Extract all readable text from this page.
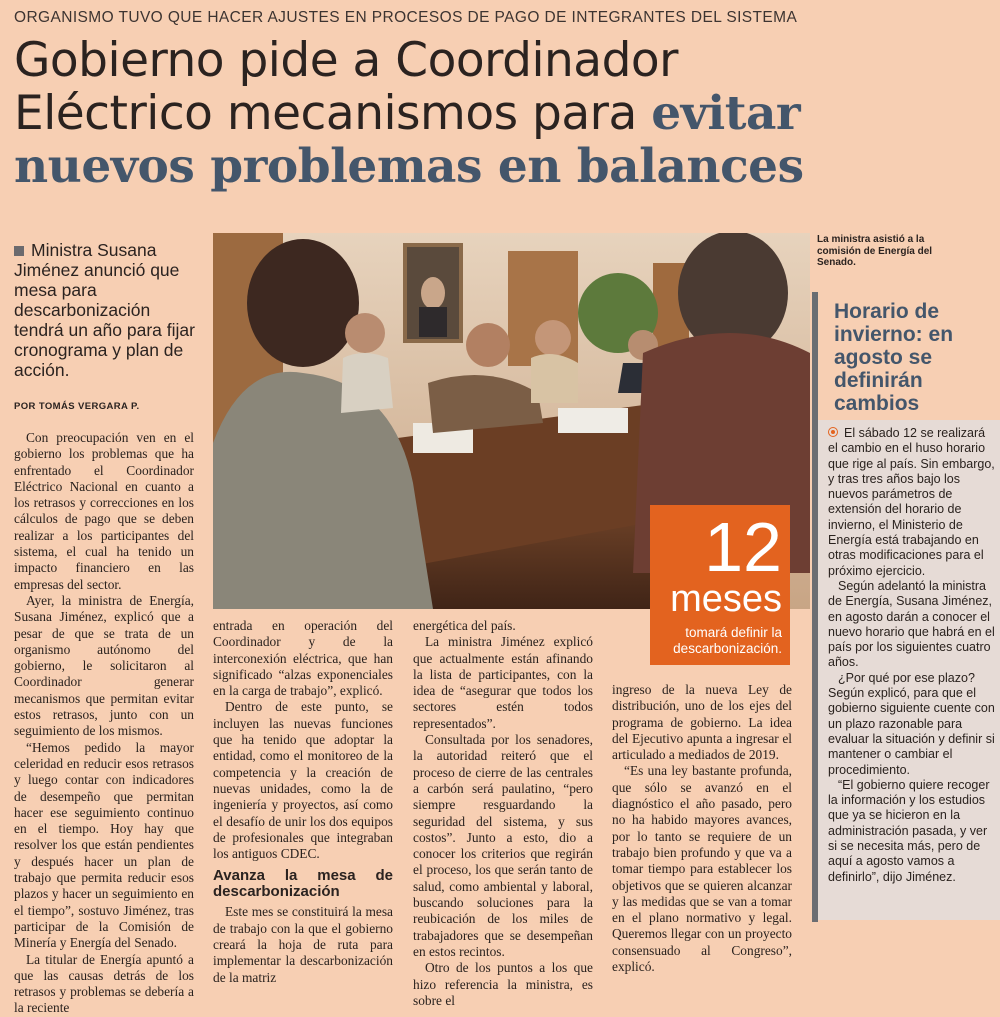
ORGANISMO TUVO QUE HACER AJUSTES EN PROCESOS DE PAGO DE INTEGRANTES DEL SISTEMA
Gobierno pide a Coordinador
Eléctrico mecanismos para evitar
nuevos problemas en balances
Ministra Susana Jiménez anunció que mesa para descarbonización tendrá un año para fijar cronograma y plan de acción.
POR TOMÁS VERGARA P.
La ministra asistió a la comisión de Energía del Senado.
12
meses
tomará definir la descarbonización.

Con preocupación ven en el gobierno los problemas que ha enfrentado el Coordinador Eléctrico Nacional en cuanto a los retrasos y correcciones en los cálculos de pago que se deben realizar a los participantes del sistema, el cual ha tenido un impacto financiero en las empresas del sector.

Ayer, la ministra de Energía, Susana Jiménez, explicó que a pesar de que se trata de un organismo autónomo del gobierno, le solicitaron al Coordinador generar mecanismos que permitan evitar estos retrasos, junto con un seguimiento de los mismos.

“Hemos pedido la mayor celeridad en reducir esos retrasos y luego contar con indicadores de desempeño que permitan hacer ese seguimiento continuo en el tiempo. Hoy hay que resolver los que están pendientes y después hacer un plan de trabajo que permita reducir esos plazos y hacer un seguimiento en el tiempo”, sostuvo Jiménez, tras participar de la Comisión de Minería y Energía del Senado.

La titular de Energía apuntó a que las causas detrás de los retrasos y problemas se debería a la reciente

entrada en operación del Coordinador y de la interconexión eléctrica, que han significado “alzas exponenciales en la carga de trabajo”, explicó.

Dentro de este punto, se incluyen las nuevas funciones que ha tenido que adoptar la entidad, como el monitoreo de la competencia y la creación de nuevas unidades, como la de ingeniería y proyectos, así como el desafío de unir los dos equipos de profesionales que integraban los antiguos CDEC.

Avanza la mesa de descarbonización

Este mes se constituirá la mesa de trabajo con la que el gobierno creará la hoja de ruta para implementar la descarbonización de la matriz

energética del país.

La ministra Jiménez explicó que actualmente están afinando la lista de participantes, con la idea de “asegurar que todos los sectores estén todos representados”.

Consultada por los senadores, la autoridad reiteró que el proceso de cierre de las centrales a carbón será paulatino, “pero siempre resguardando la seguridad del sistema, y sus costos”. Junto a esto, dio a conocer los criterios que regirán el proceso, los que serán tanto de salud, como ambiental y laboral, buscando soluciones para la reubicación de los miles de trabajadores que se desempeñan en estos recintos.

Otro de los puntos a los que hizo referencia la ministra, es sobre el

ingreso de la nueva Ley de distribución, uno de los ejes del programa de gobierno. La idea del Ejecutivo apunta a ingresar el articulado a mediados de 2019.

“Es una ley bastante profunda, que sólo se avanzó en el diagnóstico el año pasado, pero no ha habido mayores avances, por lo tanto se requiere de un trabajo bien profundo y que va a tomar tiempo para establecer los objetivos que se quieren alcanzar y las medidas que se van a tomar en el plano normativo y legal. Queremos llegar con un proyecto consensuado al Congreso”, explicó.

Horario de invierno: en agosto se definirán cambios

El sábado 12 se realizará el cambio en el huso horario que rige al país. Sin embargo, y tras tres años bajo los nuevos parámetros de extensión del horario de invierno, el Ministerio de Energía está trabajando en otras modificaciones para el próximo ejercicio.

Según adelantó la ministra de Energía, Susana Jiménez, en agosto darán a conocer el nuevo horario que habrá en el país por los siguientes cuatro años.

¿Por qué por ese plazo? Según explicó, para que el gobierno siguiente cuente con un plazo razonable para evaluar la situación y definir si mantener o cambiar el procedimiento.

“El gobierno quiere recoger la información y los estudios que ya se hicieron en la administración pasada, y ver si se necesita más, pero de aquí a agosto vamos a definirlo”, dijo Jiménez.
